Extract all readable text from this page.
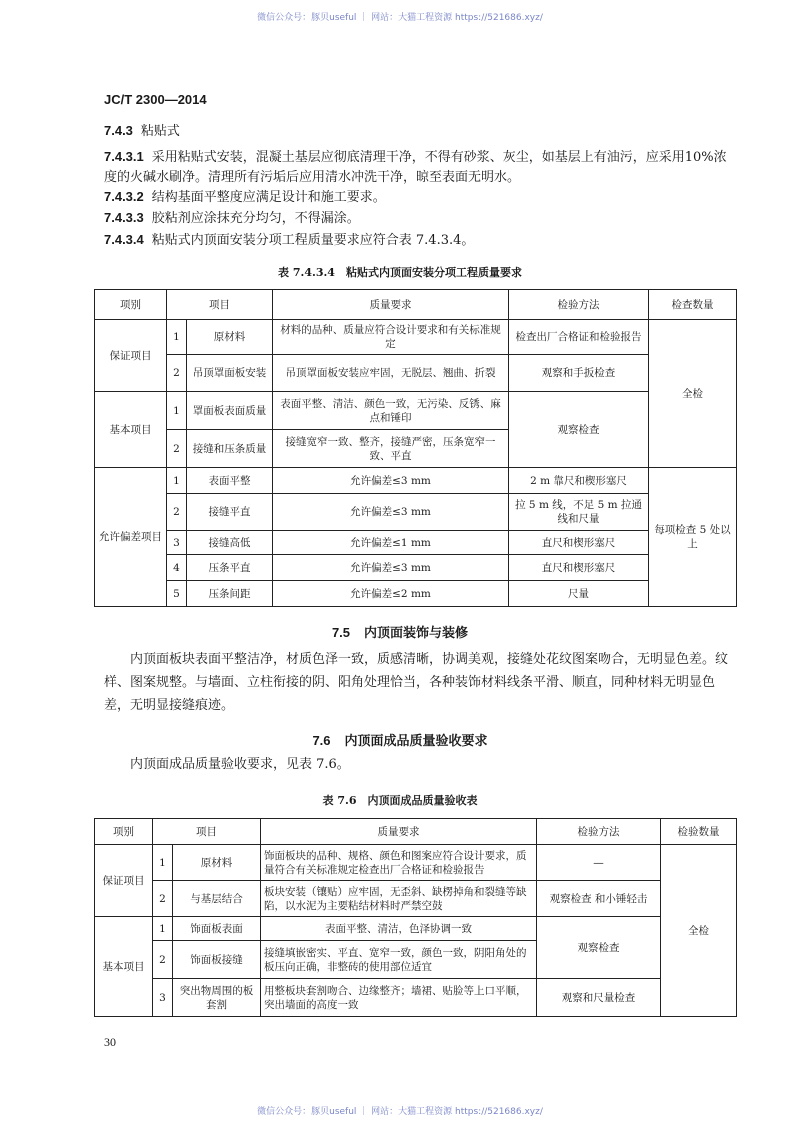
微信公众号：豚贝useful ｜ 网站：大猫工程资源 https://521686.xyz/
JC/T 2300—2014
7.4.3 粘贴式
7.4.3.1 采用粘贴式安装，混凝土基层应彻底清理干净，不得有砂浆、灰尘，如基层上有油污，应采用10%浓度的火碱水刷净。清理所有污垢后应用清水冲洗干净，晾至表面无明水。
7.4.3.2 结构基面平整度应满足设计和施工要求。
7.4.3.3 胶粘剂应涂抹充分均匀，不得漏涂。
7.4.3.4 粘贴式内顶面安装分项工程质量要求应符合表 7.4.3.4。
表 7.4.3.4　粘贴式内顶面安装分项工程质量要求
项别	项目		质量要求	检验方法	检查数量
保证项目	1	原材料	材料的品种、质量应符合设计要求和有关标准规定	检查出厂合格证和检验报告	全检
	2	吊顶罩面板安装	吊顶罩面板安装应牢固，无脱层、翘曲、折裂	观察和手扳检查	
基本项目	1	罩面板表面质量	表面平整、清洁、颜色一致，无污染、反锈、麻点和锤印	观察检查	
	2	接缝和压条质量	接缝宽窄一致、整齐，接缝严密，压条宽窄一致、平直		
允许偏差项目	1	表面平整	允许偏差≤3 mm	2 m 靠尺和楔形塞尺	每项检查 5 处以上
	2	接缝平直	允许偏差≤3 mm	拉 5 m 线，不足 5 m 拉通线和尺量	
	3	接缝高低	允许偏差≤1 mm	直尺和楔形塞尺	
	4	压条平直	允许偏差≤3 mm	直尺和楔形塞尺	
	5	压条间距	允许偏差≤2 mm	尺量	
7.5 内顶面装饰与装修
内顶面板块表面平整洁净，材质色泽一致，质感清晰，协调美观，接缝处花纹图案吻合，无明显色差。纹样、图案规整。与墙面、立柱衔接的阴、阳角处理恰当，各种装饰材料线条平滑、顺直，同种材料无明显色差，无明显接缝痕迹。
7.6 内顶面成品质量验收要求
内顶面成品质量验收要求，见表 7.6。
表 7.6　内顶面成品质量验收表
项别	项目		质量要求	检验方法	检验数量
保证项目	1	原材料	饰面板块的品种、规格、颜色和图案应符合设计要求，质量符合有关标准规定检查出厂合格证和检验报告	—	全检
	2	与基层结合	板块安装（镶贴）应牢固，无歪斜、缺楞掉角和裂缝等缺陷，以水泥为主要粘结材料时严禁空鼓	观察检查 和小锤轻击	
基本项目	1	饰面板表面	表面平整、清洁，色泽协调一致	观察检查	
	2	饰面板接缝	接缝填嵌密实、平直、宽窄一致，颜色一致，阴阳角处的板压向正确，非整砖的使用部位适宜		
	3	突出物周围的板套割	用整板块套割吻合、边缘整齐；墙裙、贴脸等上口平顺，突出墙面的高度一致	观察和尺量检查	
30
微信公众号：豚贝useful ｜ 网站：大猫工程资源 https://521686.xyz/
